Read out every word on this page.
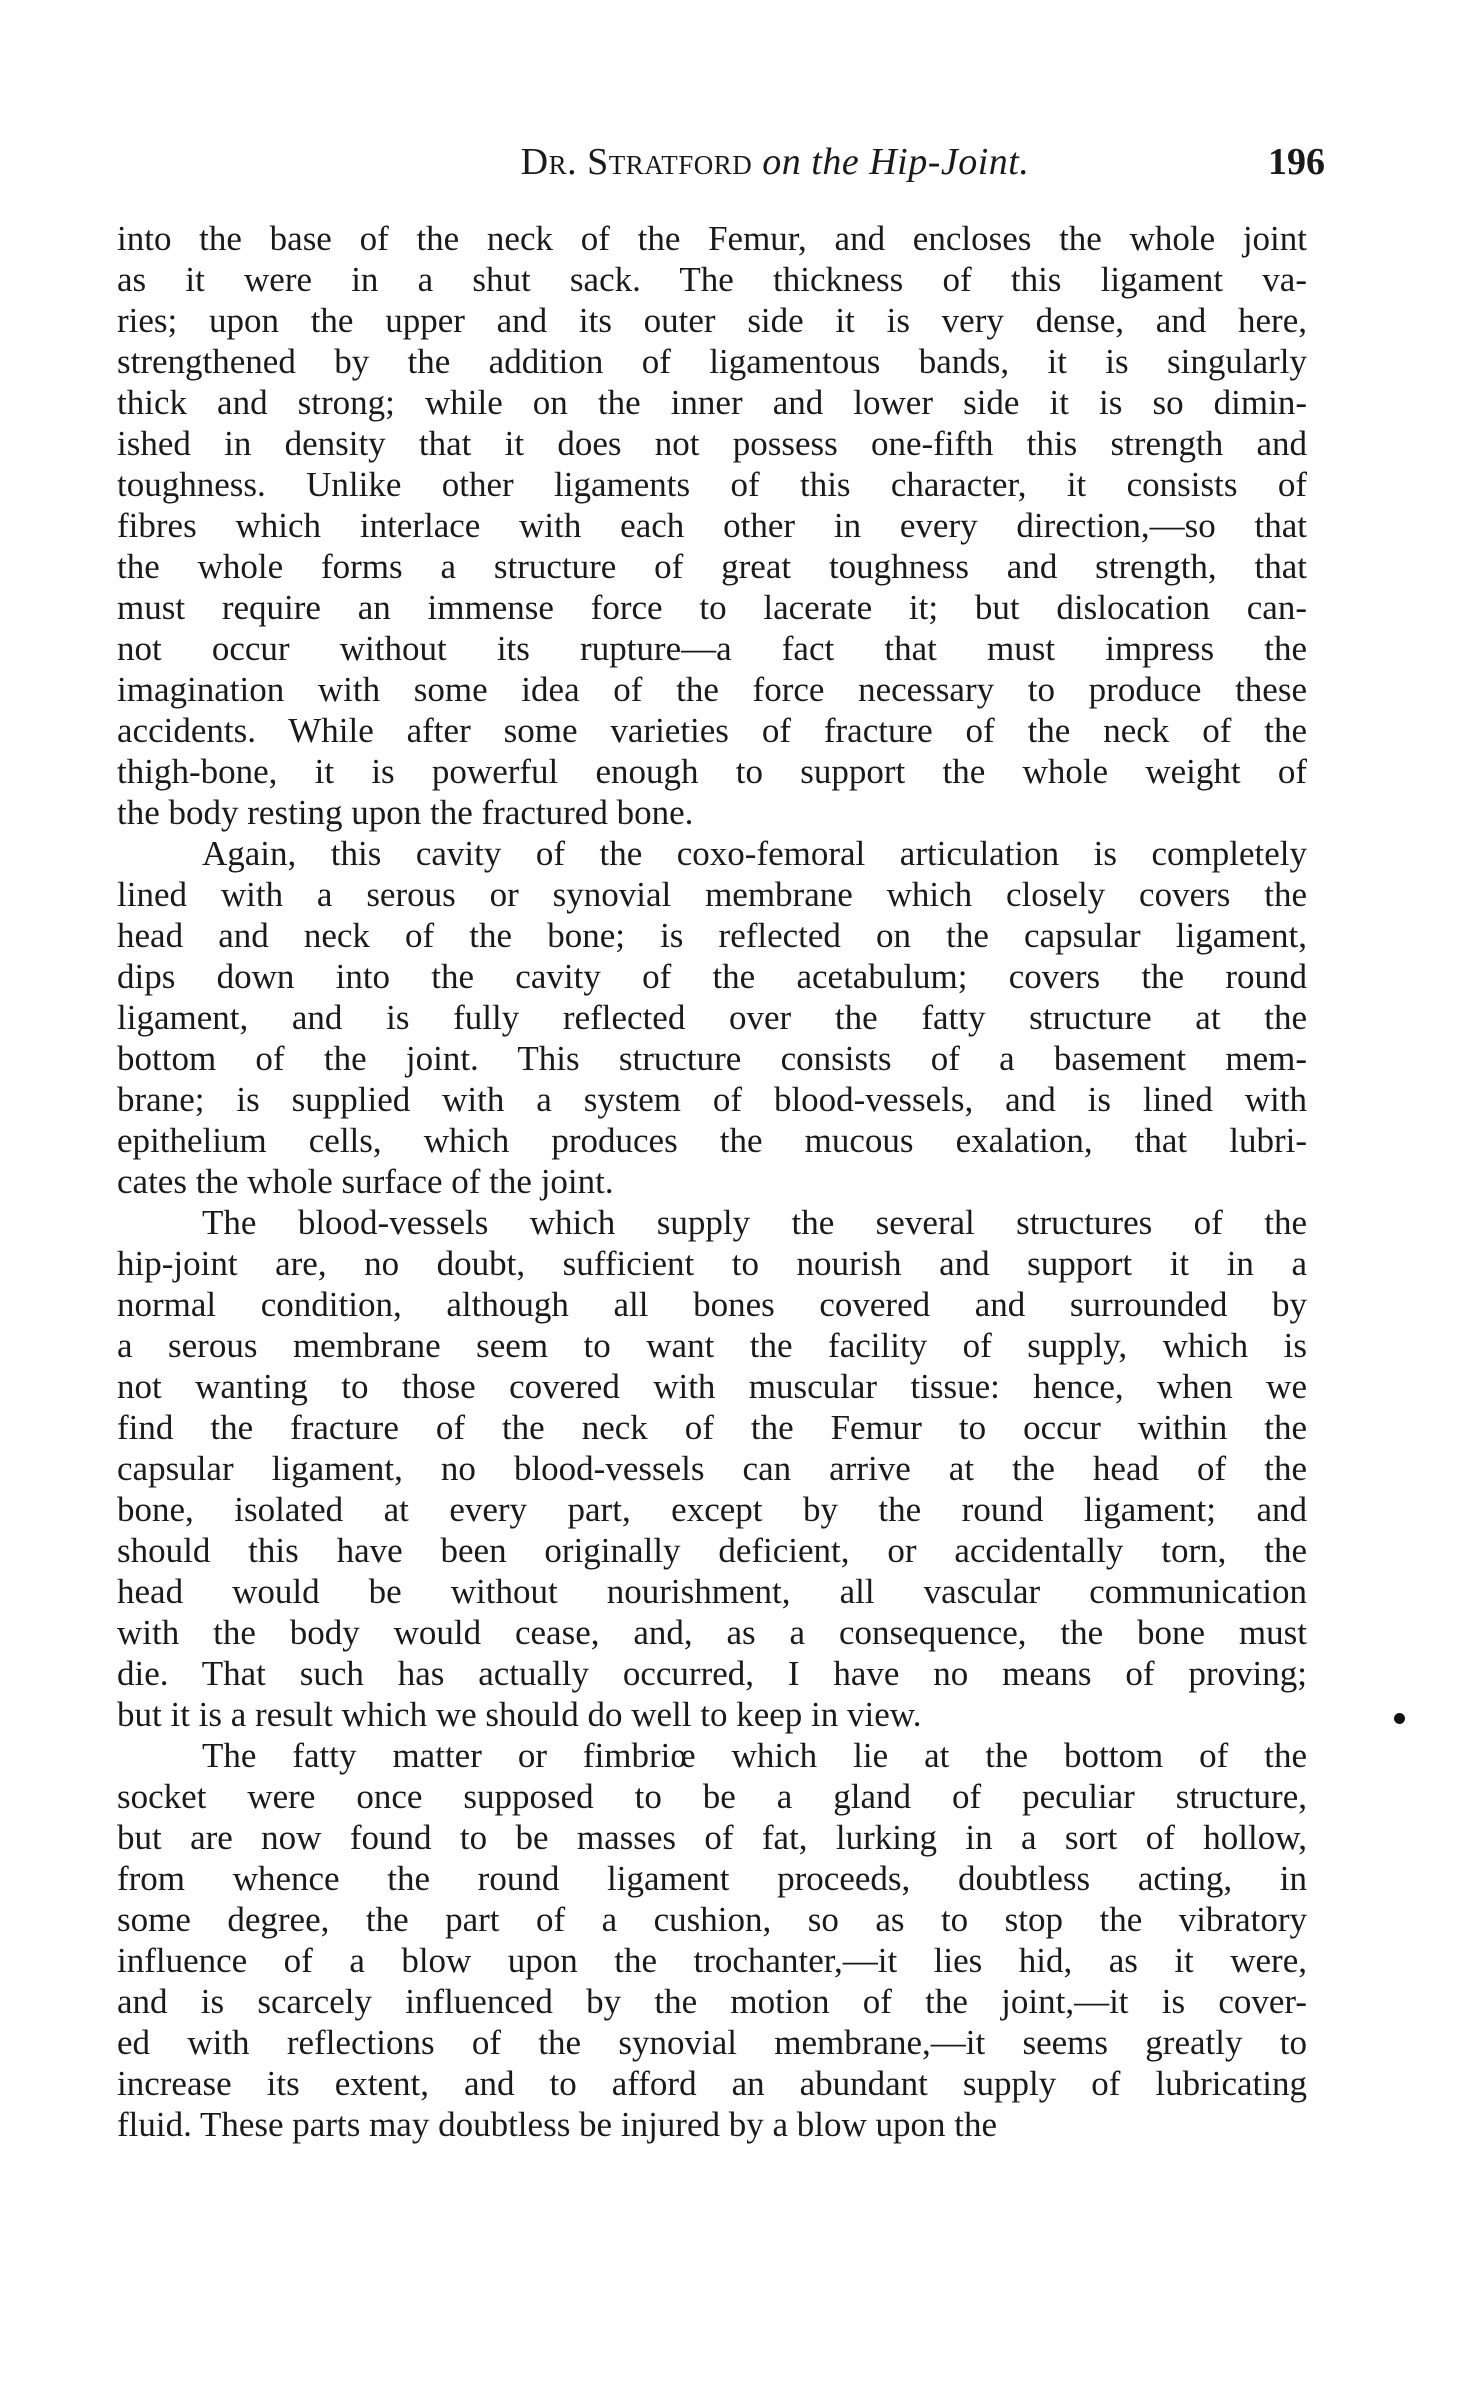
Dr. Stratford on the Hip-Joint.	196
into the base of the neck of the Femur, and encloses the whole joint
as it were in a shut sack. The thickness of this ligament va-
ries; upon the upper and its outer side it is very dense, and here,
strengthened by the addition of ligamentous bands, it is singularly
thick and strong; while on the inner and lower side it is so dimin-
ished in density that it does not possess one-fifth this strength and
toughness. Unlike other ligaments of this character, it consists of
fibres which interlace with each other in every direction,—so that
the whole forms a structure of great toughness and strength, that
must require an immense force to lacerate it; but dislocation can-
not occur without its rupture—a fact that must impress the
imagination with some idea of the force necessary to produce these
accidents. While after some varieties of fracture of the neck of the
thigh-bone, it is powerful enough to support the whole weight of
the body resting upon the fractured bone.
Again, this cavity of the coxo-femoral articulation is completely
lined with a serous or synovial membrane which closely covers the
head and neck of the bone; is reflected on the capsular ligament,
dips down into the cavity of the acetabulum; covers the round
ligament, and is fully reflected over the fatty structure at the
bottom of the joint. This structure consists of a basement mem-
brane; is supplied with a system of blood-vessels, and is lined with
epithelium cells, which produces the mucous exalation, that lubri-
cates the whole surface of the joint.
The blood-vessels which supply the several structures of the
hip-joint are, no doubt, sufficient to nourish and support it in a
normal condition, although all bones covered and surrounded by
a serous membrane seem to want the facility of supply, which is
not wanting to those covered with muscular tissue: hence, when we
find the fracture of the neck of the Femur to occur within the
capsular ligament, no blood-vessels can arrive at the head of the
bone, isolated at every part, except by the round ligament; and
should this have been originally deficient, or accidentally torn, the
head would be without nourishment, all vascular communication
with the body would cease, and, as a consequence, the bone must
die. That such has actually occurred, I have no means of proving;
but it is a result which we should do well to keep in view.
The fatty matter or fimbriœ which lie at the bottom of the
socket were once supposed to be a gland of peculiar structure,
but are now found to be masses of fat, lurking in a sort of hollow,
from whence the round ligament proceeds, doubtless acting, in
some degree, the part of a cushion, so as to stop the vibratory
influence of a blow upon the trochanter,—it lies hid, as it were,
and is scarcely influenced by the motion of the joint,—it is cover-
ed with reflections of the synovial membrane,—it seems greatly to
increase its extent, and to afford an abundant supply of lubricating
fluid. These parts may doubtless be injured by a blow upon the
